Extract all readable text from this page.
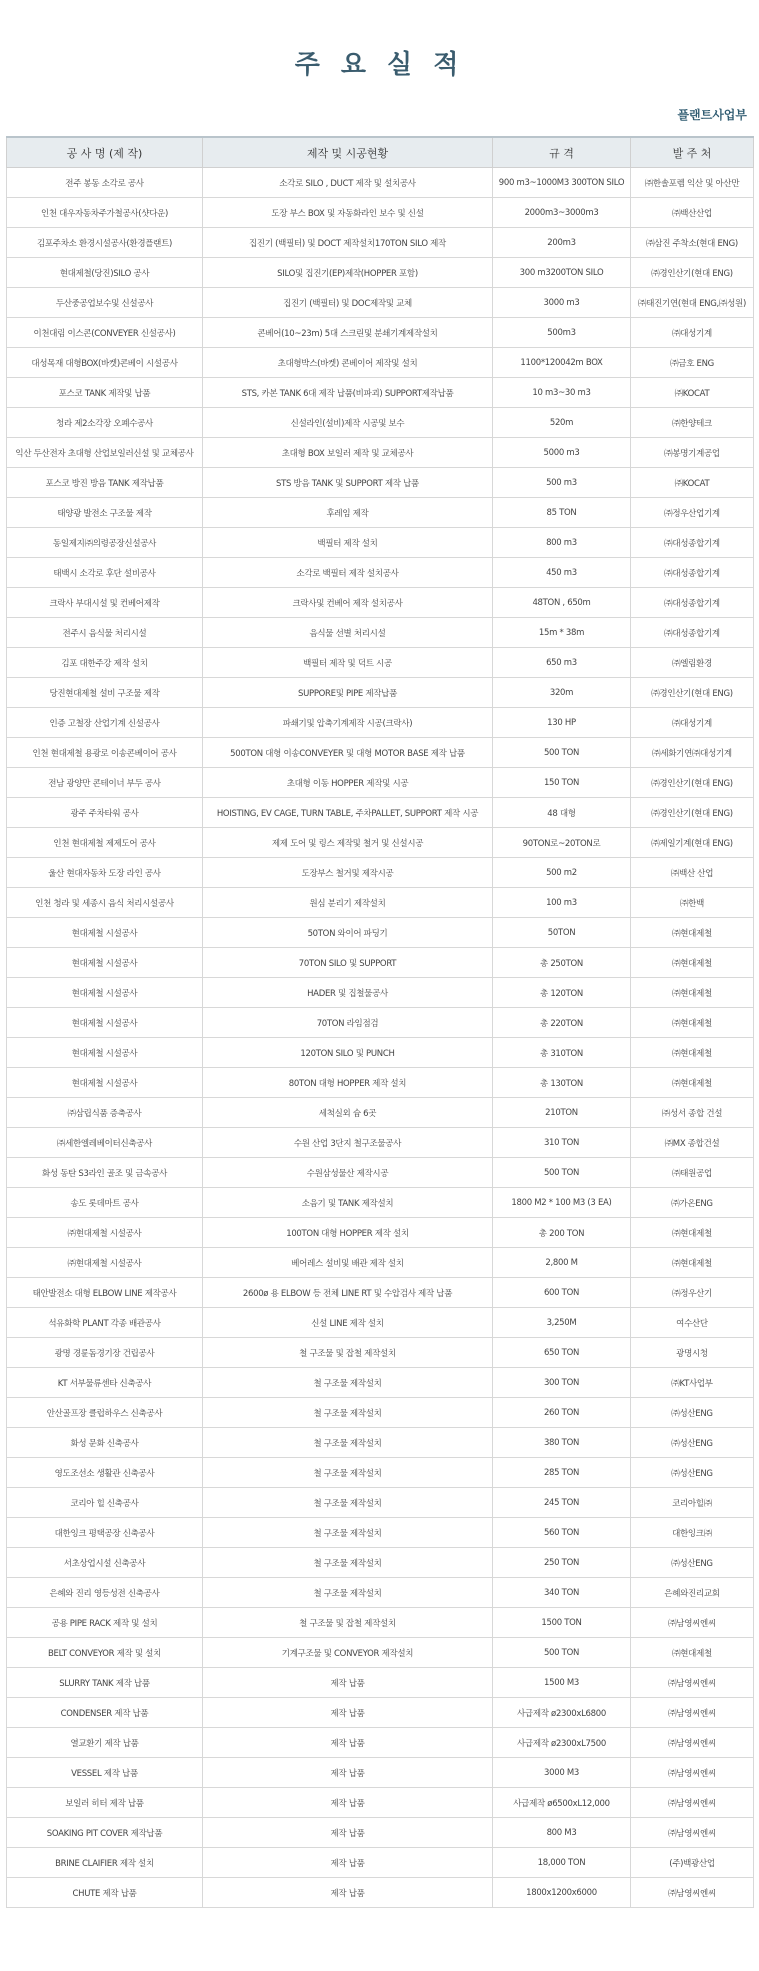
주 요 실 적
플랜트사업부
공 사 명 (제 작)	제작 및 시공현황	규 격	발 주 처
전주 봉동 소각로 공사	소각로 SILO , DUCT 제작 및 설치공사	900 m3~1000M3 300TON SILO	㈜한솔포렘 익산 및 아산만
인천 대우자동차주가철공사(샷다운)	도장 부스 BOX 및 자동화라인 보수 및 신설	2000m3~3000m3	㈜백산산업
김포주차소 환경시설공사(환경플랜트)	집진기 (백필터) 및 DOCT 제작설치170TON SILO 제작	200m3	㈜삼진 주착소(현대 ENG)
현대제철(당진)SILO 공사	SILO및 집진기(EP)제작(HOPPER 포함)	300 m3200TON SILO	㈜경인산기(현대 ENG)
두산중공업보수및 신설공사	집진기 (백필터) 및 DOC제작및 교체	3000 m3	㈜태진기연(현대 ENG,㈜성원)
이천대림 이스콘(CONVEYER 신설공사)	콘베어(10~23m) 5대 스크린및 분쇄기계제작설치	500m3	㈜대성기계
대성목재 대형BOX(바켓)콘베이 시설공사	초대형박스(바켓) 콘베이어 제작및 설치	1100*120042m BOX	㈜금호 ENG
포스코 TANK 제작및 납품	STS, 카본 TANK 6대 제작 납품(비파괴) SUPPORT제작납품	10 m3~30 m3	㈜KOCAT
청라 제2소각장 오폐수공사	신설라인(설비)제작 시공및 보수	520m	㈜한양테크
익산 두산전자 초대형 산업보일러신설 및 교체공사	초대형 BOX 보일러 제작 및 교체공사	5000 m3	㈜봉명기계공업
포스코 방진 방음 TANK 제작납품	STS 방음 TANK 및 SUPPORT 제작 납품	500 m3	㈜KOCAT
태양광 발전소 구조물 제작	후레임 제작	85 TON	㈜정우산업기계
동일제지㈜의령공장신설공사	백필터 제작 설치	800 m3	㈜대성종합기계
태백시 소각로 후단 설비공사	소각로 백필터 제작 설치공사	450 m3	㈜대성종합기계
크락사 부대시설 및 컨베어제작	크락사및 컨베어 제작 설치공사	48TON , 650m	㈜대성종합기계
전주시 음식물 처리시설	음식물 선별 처리시설	15m * 38m	㈜대성종합기계
김포 대한주강 제작 설치	백필터 제작 및 덕트 시공	650 m3	㈜엘림환경
당진현대제철 설비 구조물 제작	SUPPORE및 PIPE 제작납품	320m	㈜경인산기(현대 ENG)
인증 고철장 산업기계 신설공사	파쇄기및 압축기계제작 시공(크락사)	130 HP	㈜대성기계
인천 현대제철 용광로 이송콘베이어 공사	500TON 대형 이송CONVEYER 및 대형 MOTOR BASE 제작 납품	500 TON	㈜세화기연㈜대성기계
전남 광양만 콘테이너 부두 공사	초대형 이동 HOPPER 제작및 시공	150 TON	㈜경인산기(현대 ENG)
광주 주차타워 공사	HOISTING, EV CAGE, TURN TABLE, 주차PALLET, SUPPORT 제작 시공	48 대형	㈜경인산기(현대 ENG)
인천 현대제철 제제도어 공사	제제 도어 및 링스 제작및 철거 및 신설시공	90TON로~20TON로	㈜제일기계(현대 ENG)
울산 현대자동차 도장 라인 공사	도장부스 철거및 제작시공	500 m2	㈜백산 산업
인천 청라 및 세종시 음식 처리시설공사	원심 분리기 제작설치	100 m3	㈜한백
현대제철 시설공사	50TON 와이어 파딩기	50TON	㈜현대제철
현대제철 시설공사	70TON SILO 및 SUPPORT	총 250TON	㈜현대제철
현대제철 시설공사	HADER 및 집철물공사	총 120TON	㈜현대제철
현대제철 시설공사	70TON 라임점검	총 220TON	㈜현대제철
현대제철 시설공사	120TON SILO 및 PUNCH	총 310TON	㈜현대제철
현대제철 시설공사	80TON 대형 HOPPER 제작 설치	총 130TON	㈜현대제철
㈜삼립식품 증축공사	세척실외 슘 6곳	210TON	㈜성서 종합 건설
㈜세한엘레베이터신축공사	수원 산업 3단지 철구조물공사	310 TON	㈜MX 종합건설
화성 동탄 S3라인 골조 및 금속공사	수원삼성물산 제작시공	500 TON	㈜태원공업
송도 롯데마트 공사	소음기 및 TANK 제작설치	1800 M2 * 100 M3 (3 EA)	㈜가온ENG
㈜현대제철 시설공사	100TON 대형 HOPPER 제작 설치	총 200 TON	㈜현대제철
㈜현대제철 시설공사	베어레스 설비및 배관 제작 설치	2,800 M	㈜현대제철
태안발전소 대형 ELBOW LINE 제작공사	2600ø 용 ELBOW 등 전체 LINE RT 및 수압검사 제작 납품	600 TON	㈜정우산기
석유화학 PLANT 각종 배관공사	신설 LINE 제작 설치	3,250M	여수산단
광명 경륜돔경기장 건립공사	철 구조물 및 잡철 제작설치	650 TON	광명시청
KT 서부물류센타 신축공사	철 구조물 제작설치	300 TON	㈜KT사업부
안산골프장 클럽하우스 신축공사	철 구조물 제작설치	260 TON	㈜성산ENG
화성 문화 신축공사	철 구조물 제작설치	380 TON	㈜성산ENG
영도조선소 생활관 신축공사	철 구조물 제작설치	285 TON	㈜성산ENG
코리아 힐 신축공사	철 구조물 제작설치	245 TON	코리아힐㈜
대한잉크 평택공장 신축공사	철 구조물 제작설치	560 TON	대한잉크㈜
서초상업시설 신축공사	철 구조물 제작설치	250 TON	㈜성산ENG
은혜와 진리 영등성전 신축공사	철 구조물 제작설치	340 TON	은혜와진리교회
공용 PIPE RACK 제작 및 설치	철 구조물 및 잡철 제작설치	1500 TON	㈜남영씨엔씨
BELT CONVEYOR 제작 및 설치	기계구조물 및 CONVEYOR 제작설치	500 TON	㈜현대제철
SLURRY TANK 제작 납품	제작 납품	1500 M3	㈜남영씨엔씨
CONDENSER 제작 납품	제작 납품	사급제작 ø2300xL6800	㈜남영씨엔씨
열교환기 제작 납품	제작 납품	사급제작 ø2300xL7500	㈜남영씨엔씨
VESSEL 제작 납품	제작 납품	3000 M3	㈜남영씨엔씨
보일러 히터 제작 납품	제작 납품	사급제작 ø6500xL12,000	㈜남영씨엔씨
SOAKING PIT COVER 제작납품	제작 납품	800 M3	㈜남영씨엔씨
BRINE CLAIFIER 제작 설치	제작 납품	18,000 TON	(주)백광산업
CHUTE 제작 납품	제작 납품	1800x1200x6000	㈜남영씨엔씨
